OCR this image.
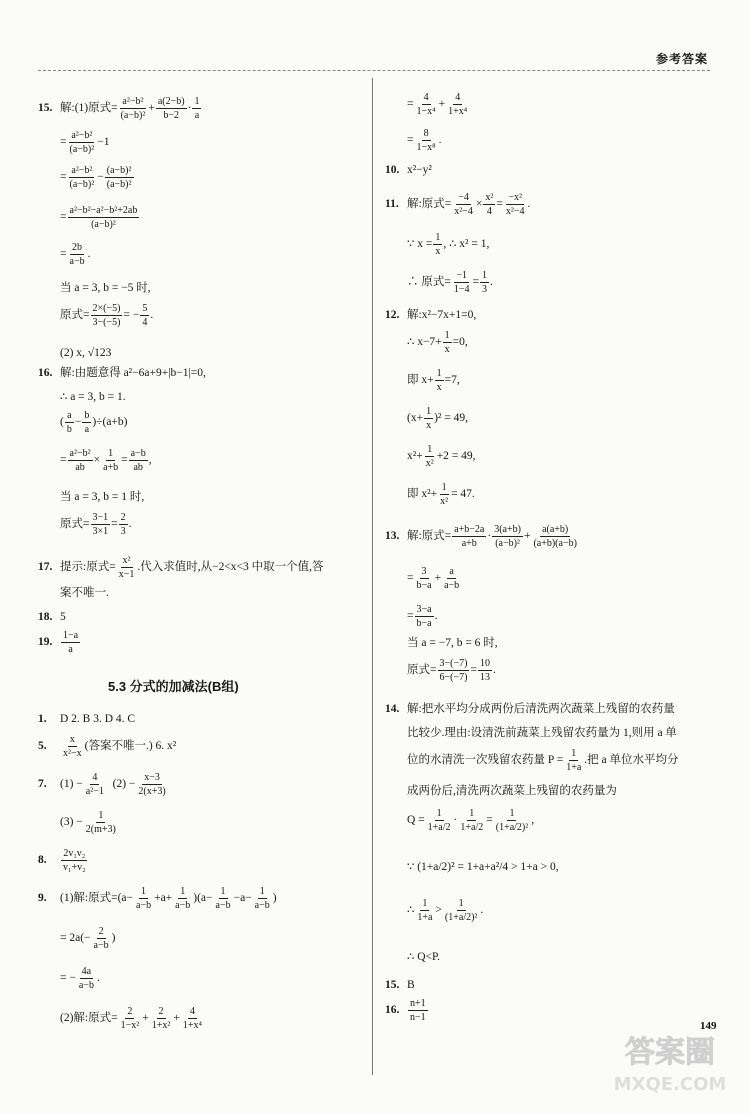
参考答案
15. 解:(1)原式= $\frac{\text{a²−b²}}{\text{(a−b)²}} + \frac{a(2-b)}{b-2} \cdot \frac{1}{a}$
= $\frac{\text{a²−b²}}{\text{(a−b)²}} -1$
= $\frac{\text{a²−b²}}{\text{(a−b)²}} - \frac{\text{(a−b)²}}{\text{(a−b)²}}$
= $\frac{\text{a²−b²−a²−b²+2ab}}{\text{(a−b)²}}$
= $\frac{2b}{a-b}$ .
当 a = 3, b = −5 时,
原式= $\frac{2\times(-5)}{3-(-5)}$ = − $\frac{5}{4}$ .
(2) x, √123
16. 解:由题意得 a²−6a+9+|b−1|=0,
∴ a = 3, b = 1.
( $\frac{a}{b} - \frac{b}{a} )\div(a+b)$
= $\frac{\text{a²−b²}}{ab} \times \frac{1}{a+b} = \frac{a-b}{ab}$ ,
当 a = 3, b = 1 时,
原式= $\frac{3-1}{3\times 1} = \frac{2}{3}$ .
17. 提示:原式= $\frac{\text{x²}}{x-1}$ .代入求值时,从−2<x<3 中取一个值,答
案不唯一.
18. 5
19. $\frac{1-a}{a}$
5.3 分式的加减法(B组)
1.	D 2. B 3. D 4. C
5.	$\frac{x}{\text{x²−x}}$ (答案不唯一.) 6. x²
7.	$(1) - \frac{4}{\text{a²−1}} (2) - \frac{x-3}{2(x+3)}$
$(3) - \frac{1}{2(m+3)}$
8.	$\frac{\text{2v₁v₂}}{\text{v₁+v₂}}$
9.	(1)解:原式= $(a- \frac{1}{a-b} +a+ \frac{1}{a-b} )(a- \frac{1}{a-b} -a- \frac{1}{a-b}$ )
= $2a(- \frac{2}{a-b}$ )
= − $\frac{4a}{a-b}$ .
(2)解:原式= $\frac{2}{\text{1−x²}} + \frac{2}{\text{1+x²}} + \frac{4}{\text{1+x⁴}}$
= $\frac{4}{\text{1−x⁴}} + \frac{4}{\text{1+x⁴}}$
= $\frac{8}{\text{1−x⁸}}$ .
10. x²−y²
11. 解:原式= $\frac{-4}{\text{x²−4}} \times \frac{\text{x²}}{4} = \frac{\text{−x²}}{\text{x²−4}}$ .
∵ $x = \frac{1}{x}$ , ∴ x² = 1,
∴ 原式= $\frac{-1}{1-4} = \frac{1}{3}$ .
12. 解:x²−7x+1=0,
∴ $x-7+ \frac{1}{x} =0$,
即 $x+ \frac{1}{x} =7$,
$(x+ \frac{1}{x} )^2 = 49$,
$x^2+ \frac{1}{\text{x²}} +2 = 49$,
即 $x^2+ \frac{1}{\text{x²}} = 47$.
13. 解:原式= $\frac{a+b-2a}{a+b} \cdot \frac{3(a+b)}{\text{(a−b)²}} + \frac{a(a+b)}{(a+b)(a-b)}$
= $\frac{3}{b-a} + \frac{a}{a-b}$
= $\frac{3-a}{b-a}$ .
当 a = −7, b = 6 时,
原式= $\frac{3-(-7)}{6-(-7)} = \frac{10}{13}$ .
14. 解:把水平均分成两份后清洗两次蔬菜上残留的农药量
比较少.理由:设清洗前蔬菜上残留农药量为 1,则用 a 单
位的水清洗一次残留农药量 $P = \frac{1}{1+a}$ .把 a 单位水平均分
成两份后,清洗两次蔬菜上残留的农药量为
$Q = \frac{1}{1+a/2} \cdot \frac{1}{1+a/2} = \frac{1}{\text{(1+a/2)²}}$ ,
∵ (1+a/2)² = 1+a+a²/4 > 1+a > 0,
∴ $\frac{1}{1+a} > \frac{1}{\text{(1+a/2)²}}$ .
∴ Q<P.
15. B
16. $\frac{n+1}{n-1}$
答案圈
MXQE.COM
149
